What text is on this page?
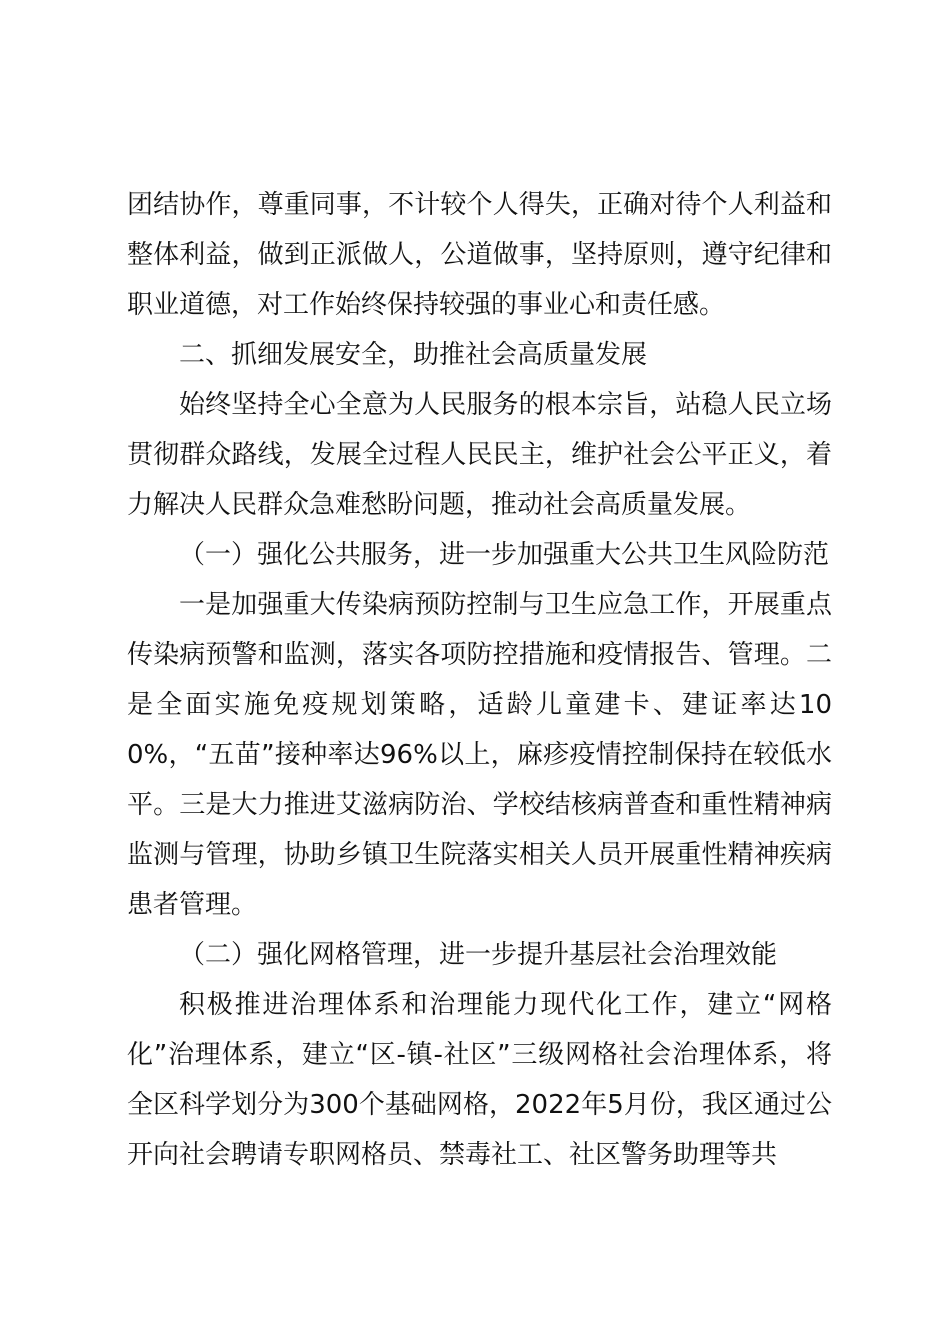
团结协作，尊重同事，不计较个人得失，正确对待个人利益和整体利益，做到正派做人，公道做事，坚持原则，遵守纪律和职业道德，对工作始终保持较强的事业心和责任感。

二、抓细发展安全，助推社会高质量发展

始终坚持全心全意为人民服务的根本宗旨，站稳人民立场贯彻群众路线，发展全过程人民民主，维护社会公平正义，着力解决人民群众急难愁盼问题，推动社会高质量发展。

（一）强化公共服务，进一步加强重大公共卫生风险防范

一是加强重大传染病预防控制与卫生应急工作，开展重点传染病预警和监测，落实各项防控措施和疫情报告、管理。二是全面实施免疫规划策略，适龄儿童建卡、建证率达100%，“五苗”接种率达96%以上，麻疹疫情控制保持在较低水平。三是大力推进艾滋病防治、学校结核病普查和重性精神病监测与管理，协助乡镇卫生院落实相关人员开展重性精神疾病患者管理。

（二）强化网格管理，进一步提升基层社会治理效能

积极推进治理体系和治理能力现代化工作，建立“网格化”治理体系，建立“区-镇-社区”三级网格社会治理体系，将全区科学划分为300个基础网格，2022年5月份，我区通过公开向社会聘请专职网格员、禁毒社工、社区警务助理等共
